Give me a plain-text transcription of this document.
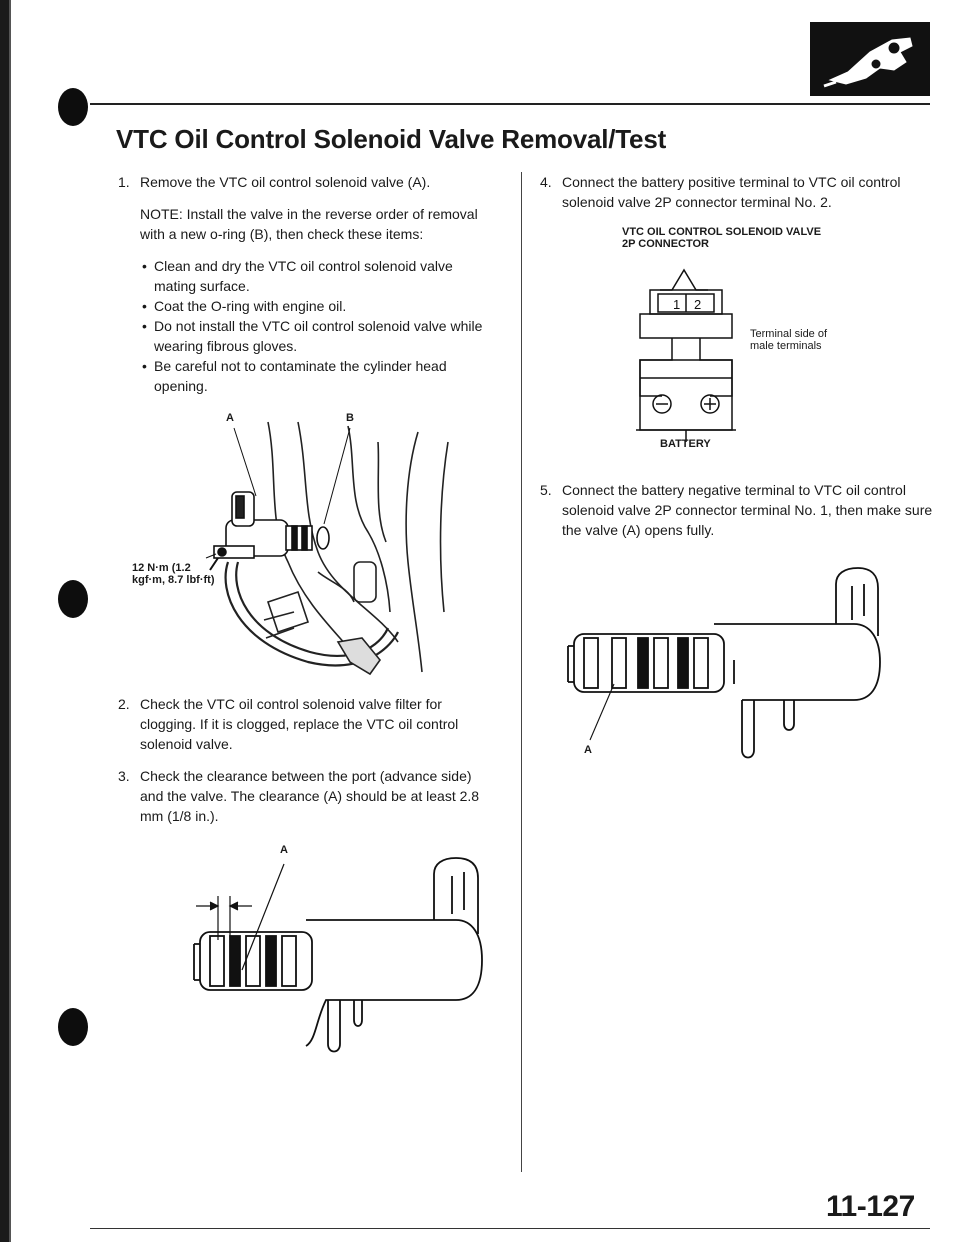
VTC Oil Control Solenoid Valve Removal/Test

1. Remove the VTC oil control solenoid valve (A).

NOTE: Install the valve in the reverse order of removal with a new o-ring (B), then check these items:

• Clean and dry the VTC oil control solenoid valve mating surface.
• Coat the O-ring with engine oil.
• Do not install the VTC oil control solenoid valve while wearing fibrous gloves.
• Be careful not to contaminate the cylinder head opening.
A	B
12 N·m (1.2 kgf·m, 8.7 lbf·ft)

2. Check the VTC oil control solenoid valve filter for clogging. If it is clogged, replace the VTC oil control solenoid valve.

3. Check the clearance between the port (advance side) and the valve. The clearance (A) should be at least 2.8 mm (1/8 in.).

A

4. Connect the battery positive terminal to VTC oil control solenoid valve 2P connector terminal No. 2.

VTC OIL CONTROL SOLENOID VALVE 2P CONNECTOR
1 2
Terminal side of male terminals
BATTERY

5. Connect the battery negative terminal to VTC oil control solenoid valve 2P connector terminal No. 1, then make sure the valve (A) opens fully.

A
11-127
